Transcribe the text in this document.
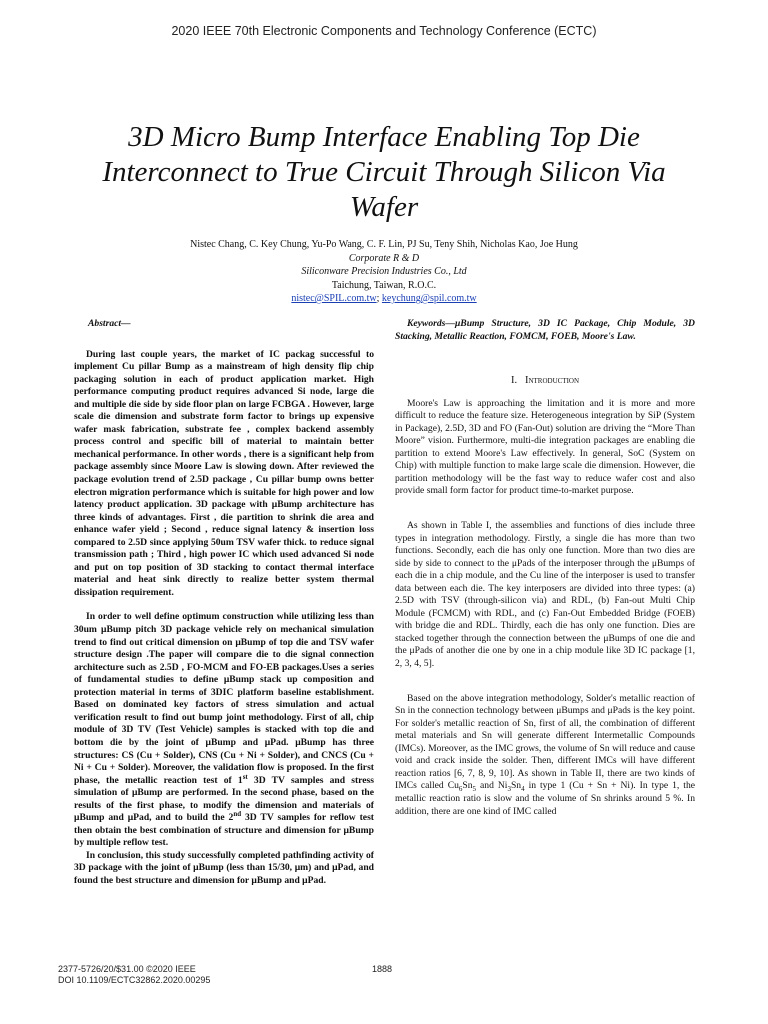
2020 IEEE 70th Electronic Components and Technology Conference (ECTC)
3D Micro Bump Interface Enabling Top Die Interconnect to True Circuit Through Silicon Via Wafer
Nistec Chang, C. Key Chung, Yu-Po Wang, C. F. Lin, PJ Su, Teny Shih, Nicholas Kao, Joe Hung
Corporate R & D
Siliconware Precision Industries Co., Ltd
Taichung, Taiwan, R.O.C.
nistec@SPIL.com.tw; keychung@spil.com.tw
Abstract—

During last couple years, the market of IC packag successful to implement Cu pillar Bump as a mainstream of high density flip chip packaging solution in each of product application market. High performance computing product requires advanced Si node, large die and multiple die side by side floor plan on large FCBGA . However, large scale die dimension and substrate form factor to brings up expensive wafer mask fabrication, substrate fee , complex backend assembly process control and specific bill of material to maintain better mechanical performance. In other words , there is a significant help from package assembly since Moore Law is slowing down. After reviewed the package evolution trend of 2.5D package , Cu pillar bump owns better electron migration performance which is suitable for high power and low latency product application. 3D package with μBump architecture has three kinds of advantages. First , die partition to shrink die area and enhance wafer yield ; Second , reduce signal latency & insertion loss compared to 2.5D since applying 50um TSV wafer thick. to reduce signal transmission path ; Third , high power IC which used advanced Si node and put on top position of 3D stacking to contact thermal interface material and heat sink directly to realize better system thermal dissipation requirement.

In order to well define optimum construction while utilizing less than 30um μBump pitch 3D package vehicle rely on mechanical simulation trend to find out critical dimension on μBump of top die and TSV wafer structure design .The paper will compare die to die signal connection architecture such as 2.5D , FO-MCM and FO-EB packages.Uses a series of fundamental studies to define μBump stack up composition and protection material in terms of 3DIC platform baseline establishment. Based on dominated key factors of stress simulation and actual verification result to find out bump joint methodology. First of all, chip module of 3D TV (Test Vehicle) samples is stacked with top die and bottom die by the joint of μBump and μPad. μBump has three structures: CS (Cu + Solder), CNS (Cu + Ni + Solder), and CNCS (Cu + Ni + Cu + Solder). Moreover, the validation flow is proposed. In the first phase, the metallic reaction test of 1st 3D TV samples and stress simulation of μBump are performed. In the second phase, based on the results of the first phase, to modify the dimension and materials of μBump and μPad, and to build the 2nd 3D TV samples for reflow test then obtain the best combination of structure and dimension for μBump by multiple reflow test.

In conclusion, this study successfully completed pathfinding activity of 3D package with the joint of μBump (less than 15/30, μm) and μPad, and found the best structure and dimension for μBump and μPad.

Keywords—μBump Structure, 3D IC Package, Chip Module, 3D Stacking, Metallic Reaction, FOMCM, FOEB, Moore's Law.
I. Introduction

Moore's Law is approaching the limitation and it is more and more difficult to reduce the feature size. Heterogeneous integration by SiP (System in Package), 2.5D, 3D and FO (Fan-Out) solution are driving the “More Than Moore” vision. Furthermore, multi-die integration packages are enabling die partition to extend Moore's Law effectively. In general, SoC (System on Chip) with multiple function to make large scale die dimension. However, die partition methodology will be the fast way to reduce wafer cost and also provide small form factor for product time-to-market purpose.

As shown in Table I, the assemblies and functions of dies include three types in integration methodology. Firstly, a single die has more than two functions. Secondly, each die has only one function. More than two dies are side by side to connect to the μPads of the interposer through the μBumps of each die in a chip module, and the Cu line of the interposer is used to transfer data between each die. The key interposers are divided into three types: (a) 2.5D with TSV (through-silicon via) and RDL, (b) Fan-out Multi Chip Module (FCMCM) with RDL, and (c) Fan-Out Embedded Bridge (FOEB) with bridge die and RDL. Thirdly, each die has only one function. Dies are stacked together through the connection between the μBumps of one die and the μPads of another die one by one in a chip module like 3D IC package [1, 2, 3, 4, 5].

Based on the above integration methodology, Solder's metallic reaction of Sn in the connection technology between μBumps and μPads is the key point. For solder's metallic reaction of Sn, first of all, the combination of different metal materials and Sn will generate different Intermetallic Compounds (IMCs). Moreover, as the IMC grows, the volume of Sn will reduce and cause void and crack inside the solder. Then, different IMCs will have different reaction ratios [6, 7, 8, 9, 10]. As shown in Table II, there are two kinds of IMCs called $Cu_6Sn_5$ and $Ni_3Sn_4$ in type 1 (Cu + Sn + Ni). In type 1, the metallic reaction ratio is slow and the volume of Sn shrinks around 5 %. In addition, there are one kind of IMC called

2377-5726/20/$31.00 ©2020 IEEE
DOI 10.1109/ECTC32862.2020.00295
1888
